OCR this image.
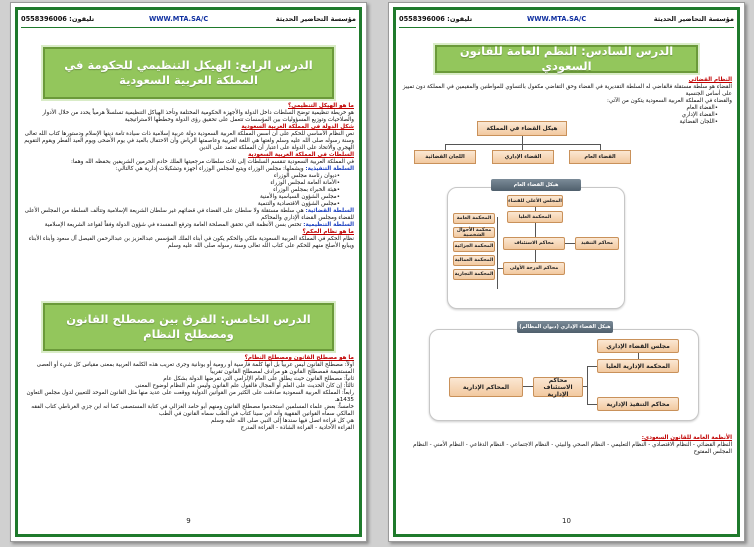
مؤسسة التحاضير الحديثة
WWW.MTA.SA/C
تليفون: 0558396006
الدرس الرابع: الهيكل التنظيمي للحكومة في المملكة العربية السعودية

ما هو الهيكل التنظيمي؟

هو خريطة تنظيمية توضح السلطات داخل الدولة والأجهزة الحكومية المختلفة وتأخذ الهياكل التنظيمية تسلسلاً هرمياً يحدد من خلال الأدوار والصلاحيات وتوزيع المسؤوليات بين المؤسسات تتعمل على تحقيق رؤى الدولة وخططها الاستراتيجية

شكل الدولة في المملكة العربية السعودية

نص النظام الأساسي للحكم على أن أسس المملكة العربية السعودية دولة عربية إسلامية ذات سيادة تامة دينها الإسلام ودستورها كتاب الله تعالى وسنة رسوله صلى الله عليه وسلم ولغتها هي اللغة العربية وعاصمتها الرياض وأن الاحتفال بالعيد في يوم الأضحى ويوم العيد الفطر ويقوم التقويم الهجري والاتحاد على الدولة على اعتبار أن المملكة تعتمد على الدين

السلطات في المملكة العربية السعودية

في المملكة العربية السعودية تنقسم السلطات إلى ثلاث سلطات مرجعيتها الملك خادم الحرمين الشريفين بحفظه الله وهما:

السلطة التنفيذية: ويشملها: مجلس الوزراء ويتبع لمجلس الوزراء أجهزة وتشكيلات إدارية هي كالتالي:

• ديوان رئاسة مجلس الوزراء

• الأمانة العامة لمجلس الوزراء

• هيئة الخبراء بمجلس الوزراء

• مجلس الشؤون السياسية والأمنية

• مجلس الشؤون الاقتصادية والتنمية

السلطة القضائية: هي سلطة مستقلة ولا سلطان على القضاء في قضائهم غير سلطان الشريعة الإسلامية وتتألف السلطة من المجلس الأعلى للقضاء ومجلس القضاء الإداري والمحاكم

السلطة التنظيمية: تختص بسن الأنظمة التي تحقق المصلحة العامة وترفع المفسدة في شؤون الدولة وفقاً لقواعد الشريعة الإسلامية

ما هو نظام الحكم؟

نظام الحكم في المملكة العربية السعودية ملكي والحكم يكون في أبناء الملك المؤسس عبدالعزيز بن عبدالرحمن الفيصل آل سعود وأبناء الأبناء ويبايع الأصلح منهم للحكم على كتاب الله تعالى وسنة رسوله صلى الله عليه وسلم

الدرس الخامس: الفرق بين مصطلح القانون ومصطلح النظام

ما هو مصطلح القانون ومصطلح النظام؟

أولاً: مصطلح القانون ليس عربياً بل أنها كلمة فارسية أو رومية أو يونانية وجرى تعريب هذه الكلمة العربية بمعنى مقياس كل شيء أو العصى المستقيمة فمصطلح القانون هو مرادف لمصطلح القانون تقريباً

ثانياً: مصطلح القانون حيث يطلق على العام الإلزامي التي تفرضها الدولة بشكل عام

ثالثاً: إن كان الحديث على العلم أو المجال فالقول علم القانون وليس علم النظام لوضوح المعنى

رابعاً: المملكة العربية السعودية صادقت على الكثير من القوانين الدولية ووقعت على عديد منها مثل القانون الموحد للتعيين لدول مجلس التعاون 1435هـ

خامساً: بعض علماء المسلمين استخدموا مصطلح القانون ومنهم أبو حامد الغزالي في كتابة المستصفى كما أنه ابن جزي الغرناطي كتاب الفقه المالكي سماه القوانين الفقهية وأنه ابن سينا كتاب في الطب سماه القانون في الطب

هي كل قراءة اتصل فيها سندها إلى النبي صلى الله عليه وسلم

القراءة الآحادية - القراءة الشاذة - القراءة المدرج

9
مؤسسة التحاضير الحديثة
WWW.MTA.SA/C
تليفون: 0558396006
الدرس السادس: النظم العامة للقانون السعودي

النظام القضائي

القضاء هو سلطة مستقلة فالقاضي له السلطة التقديرية في القضاء وحق التقاضي مكفول بالتساوي للمواطنين والمقيمين في المملكة دون تمييز على أساس الجنسية

والقضاء في المملكة العربية السعودية يتكون من الآتي:

• القضاء العام

• القضاء الإداري

• اللجان القضائية

هيكل القضاء في المملكة
القضاء العام
القضاء الإداري
اللجان القضائية
هيكل القضاء العام
المجلس الأعلى للقضاء
المحكمة العليا
محاكم الاستئناف	محاكم التنفيذ
محاكم الدرجة الأولى
المحكمة العامة
محكمة الأحوال الشخصية
المحكمة الجزائية
المحكمة العمالية
المحكمة التجارية
هيكل القضاء الإداري (ديوان المظالم)
مجلس القضاء الإداري
المحكمة الإدارية العليا
محاكم الاستئناف الإدارية
المحاكم الإدارية
محاكم التنفيذ الإدارية

الأنظمة العامة للقانون السعودي:

النظام القضائي - النظام الاقتصادي - النظام التعليمي - النظام الصحي والبيئي - النظام الاجتماعي - النظام الدفاعي - النظام الأمني - النظام المجلس المفتوح

10
